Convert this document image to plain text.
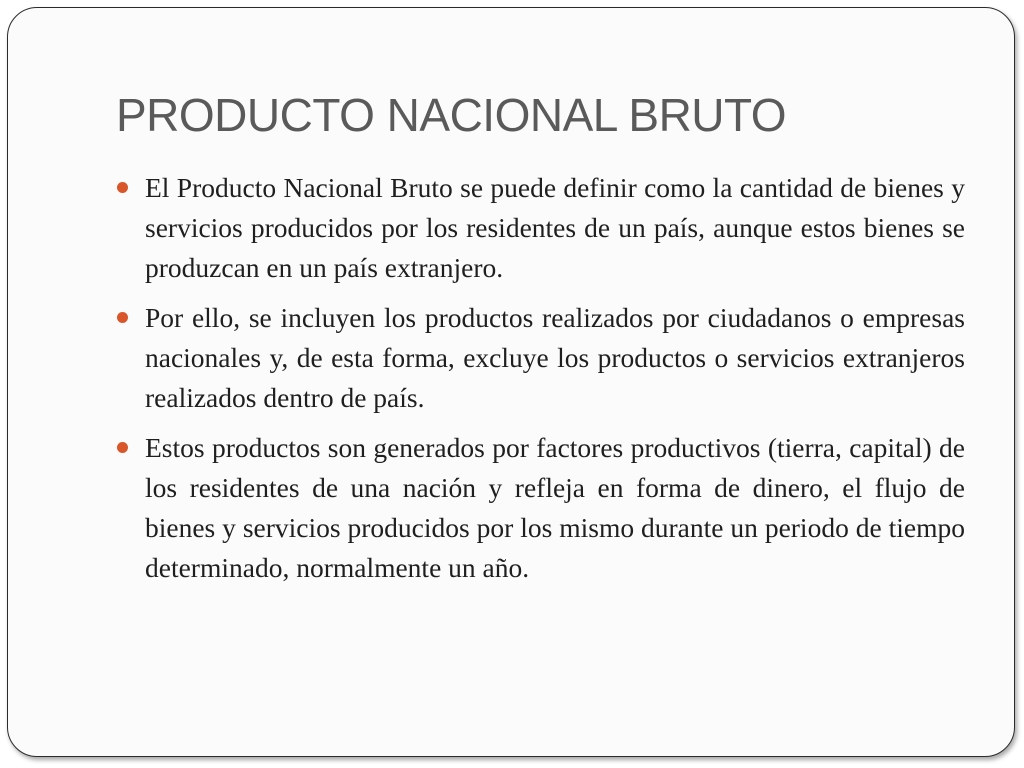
PRODUCTO NACIONAL BRUTO
El Producto Nacional Bruto se puede definir como la cantidad de bienes y servicios producidos por los residentes de un país, aunque estos bienes se produzcan en un país extranjero.
Por ello, se incluyen los productos realizados por ciudadanos o empresas nacionales y, de esta forma, excluye los productos o servicios extranjeros realizados dentro de país.
Estos productos son generados por factores productivos (tierra, capital) de los residentes de una nación y refleja en forma de dinero, el flujo de bienes y servicios producidos por los mismo durante un periodo de tiempo determinado, normalmente un año.
